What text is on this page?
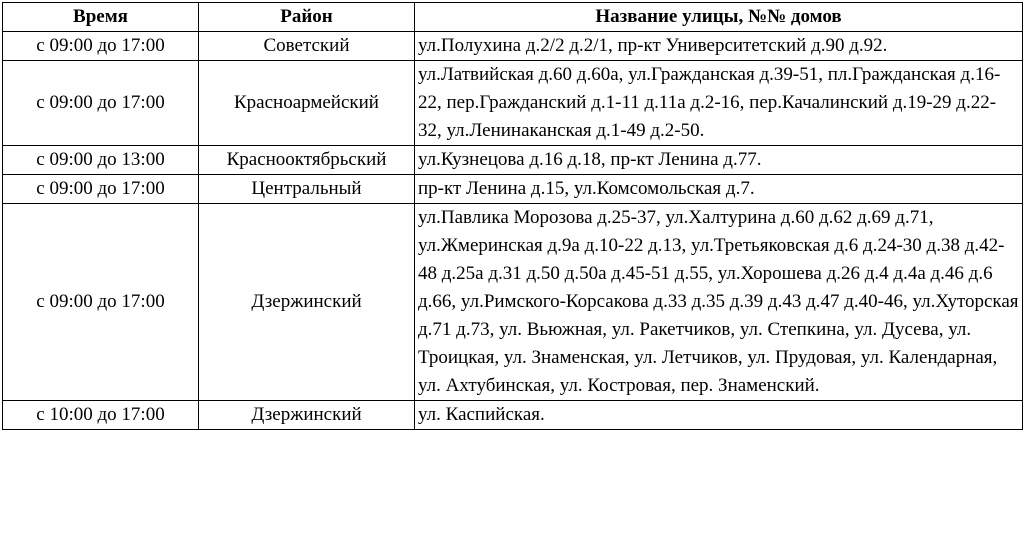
Время	Район	Название улицы, №№ домов
с 09:00 до 17:00	Советский	ул.Полухина д.2/2 д.2/1, пр-кт Университетский д.90 д.92.
с 09:00 до 17:00	Красноармейский	ул.Латвийская д.60 д.60а, ул.Гражданская д.39-51, пл.Гражданская д.16-22, пер.Гражданский д.1-11 д.11а д.2-16, пер.Качалинский д.19-29 д.22-32, ул.Ленинаканская д.1-49 д.2-50.
с 09:00 до 13:00	Краснооктябрьский	ул.Кузнецова д.16 д.18, пр-кт Ленина д.77.
с 09:00 до 17:00	Центральный	пр-кт Ленина д.15, ул.Комсомольская д.7.
с 09:00 до 17:00	Дзержинский	ул.Павлика Морозова д.25-37, ул.Халтурина д.60 д.62 д.69 д.71, ул.Жмеринская д.9а д.10-22 д.13, ул.Третьяковская д.6 д.24-30 д.38 д.42-48 д.25а д.31 д.50 д.50а д.45-51 д.55, ул.Хорошева д.26 д.4 д.4а д.46 д.6 д.66, ул.Римского-Корсакова д.33 д.35 д.39 д.43 д.47 д.40-46, ул.Хуторская д.71 д.73, ул. Вьюжная, ул. Ракетчиков, ул. Степкина, ул. Дусева, ул. Троицкая, ул. Знаменская, ул. Летчиков, ул. Прудовая, ул. Календарная, ул. Ахтубинская, ул. Костровая, пер. Знаменский.
с 10:00 до 17:00	Дзержинский	ул. Каспийская.
